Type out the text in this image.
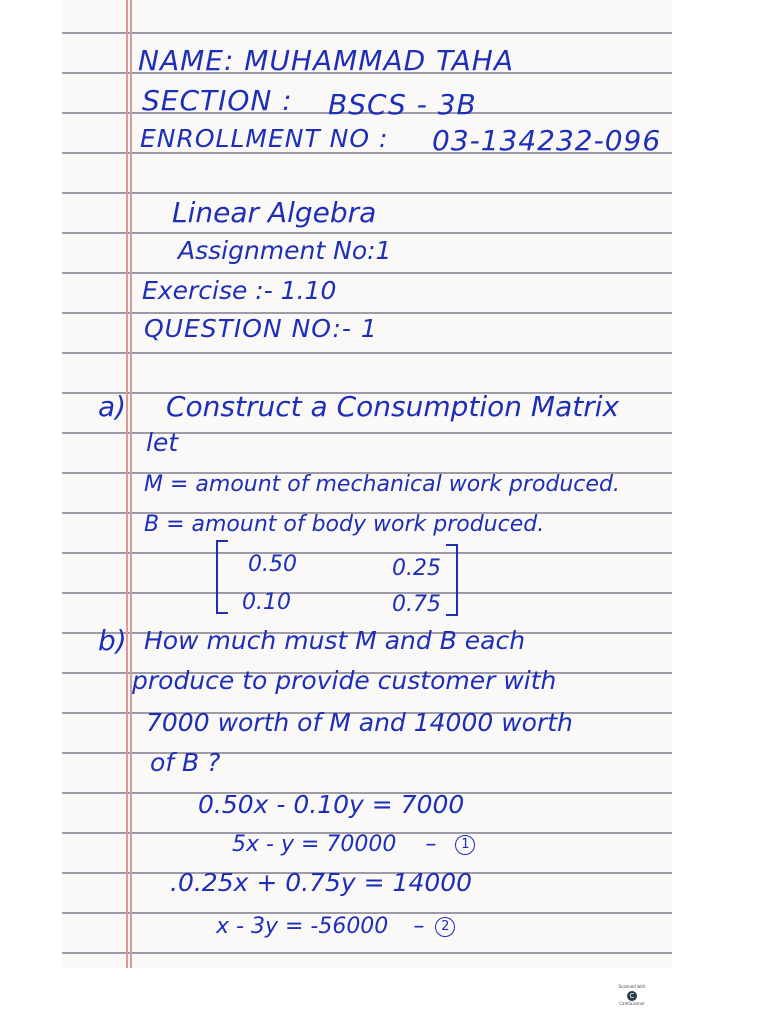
NAME: MUHAMMAD TAHA
SECTION : BSCS - 3B
ENROLLMENT NO : 03-134232-096
Linear Algebra
Assignment No:1
Exercise :- 1.10
QUESTION NO:- 1
a) Construct a Consumption Matrix
let
M = amount of mechanical work produced.
B = amount of body work produced.
0.50	0.25
0.10	0.75
b) How much must M and B each
produce to provide customer with
7000 worth of M and 14000 worth
of B ?
0.50x - 0.10y = 7000
5x - y = 70000 – 1
.0.25x + 0.75y = 14000
x - 3y = -56000 – 2
Scanned with
C
CamScanner
